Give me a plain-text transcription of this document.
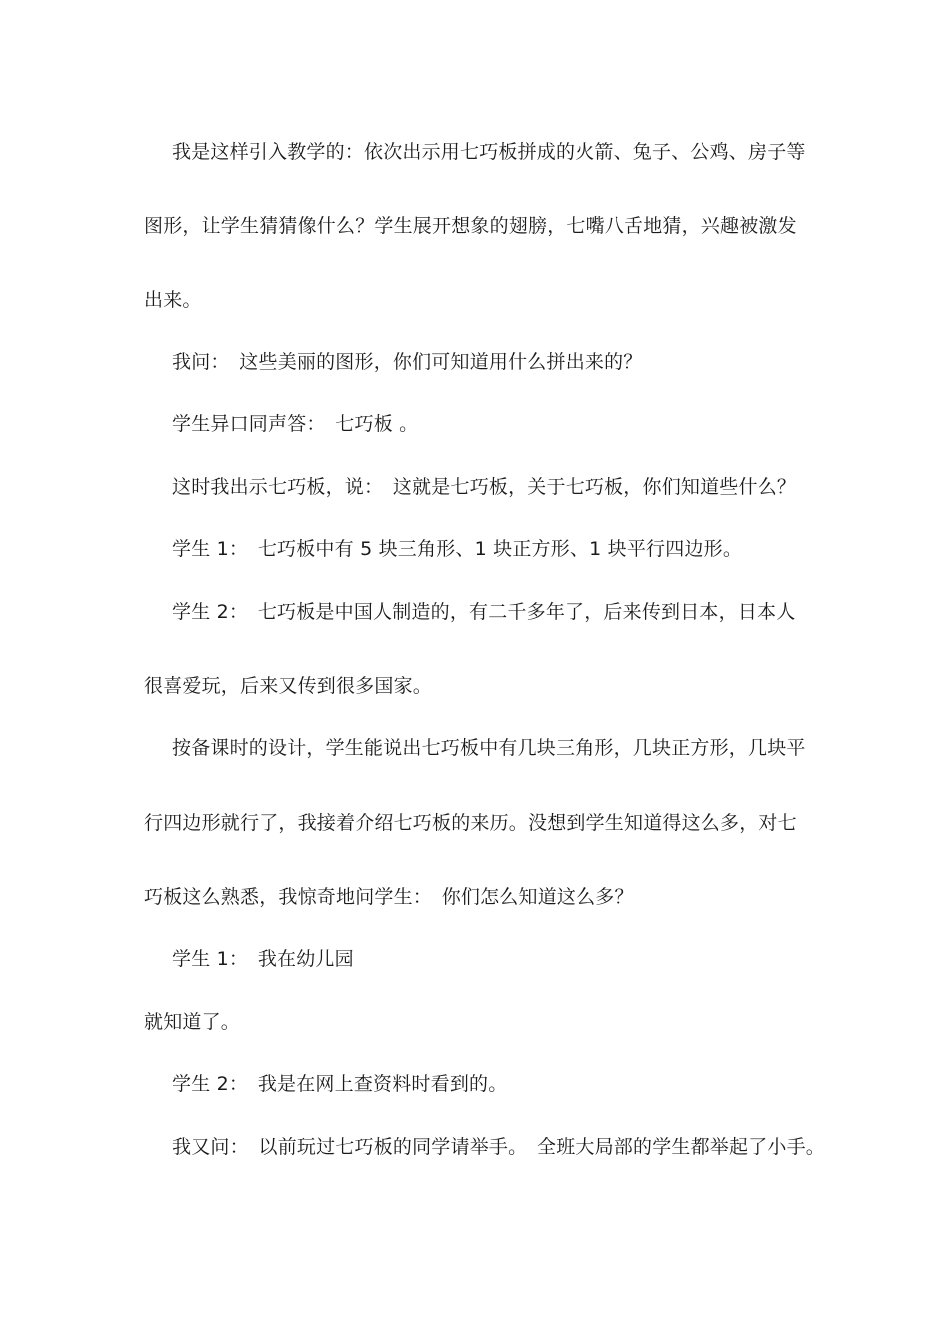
我是这样引入教学的：依次出示用七巧板拼成的火箭、兔子、公鸡、房子等
图形，让学生猜猜像什么？学生展开想象的翅膀，七嘴八舌地猜，兴趣被激发
出来。
我问：　这些美丽的图形，你们可知道用什么拼出来的？
学生异口同声答：　七巧板 。
这时我出示七巧板，说：　这就是七巧板，关于七巧板，你们知道些什么？
学生 1：　七巧板中有 5 块三角形、1 块正方形、1 块平行四边形。
学生 2：　七巧板是中国人制造的，有二千多年了，后来传到日本，日本人
很喜爱玩，后来又传到很多国家。
按备课时的设计，学生能说出七巧板中有几块三角形，几块正方形，几块平
行四边形就行了，我接着介绍七巧板的来历。没想到学生知道得这么多，对七
巧板这么熟悉，我惊奇地问学生：　你们怎么知道这么多？
学生 1：　我在幼儿园
就知道了。
学生 2：　我是在网上查资料时看到的。
我又问：　以前玩过七巧板的同学请举手。　全班大局部的学生都举起了小手。
